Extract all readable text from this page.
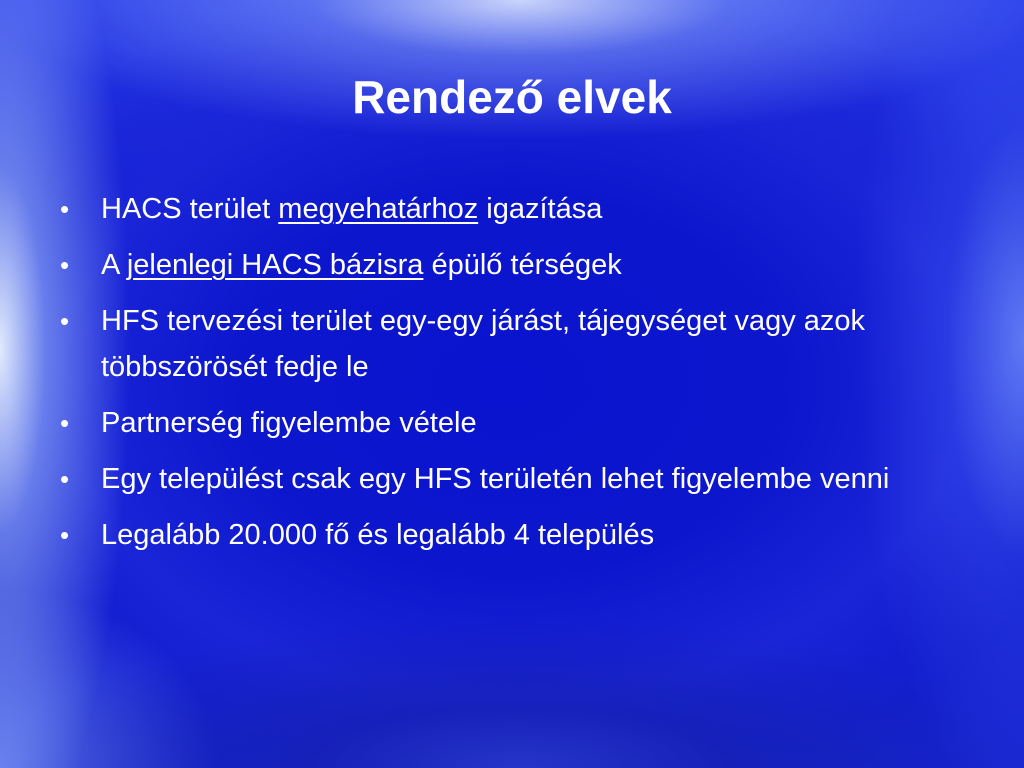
Rendező elvek
• HACS terület megyehatárhoz igazítása
• A jelenlegi HACS bázisra épülő térségek
• HFS tervezési terület egy-egy járást, tájegységet vagy azok többszörösét fedje le
• Partnerség figyelembe vétele
• Egy települést csak egy HFS területén lehet figyelembe venni
• Legalább 20.000 fő és legalább 4 település
